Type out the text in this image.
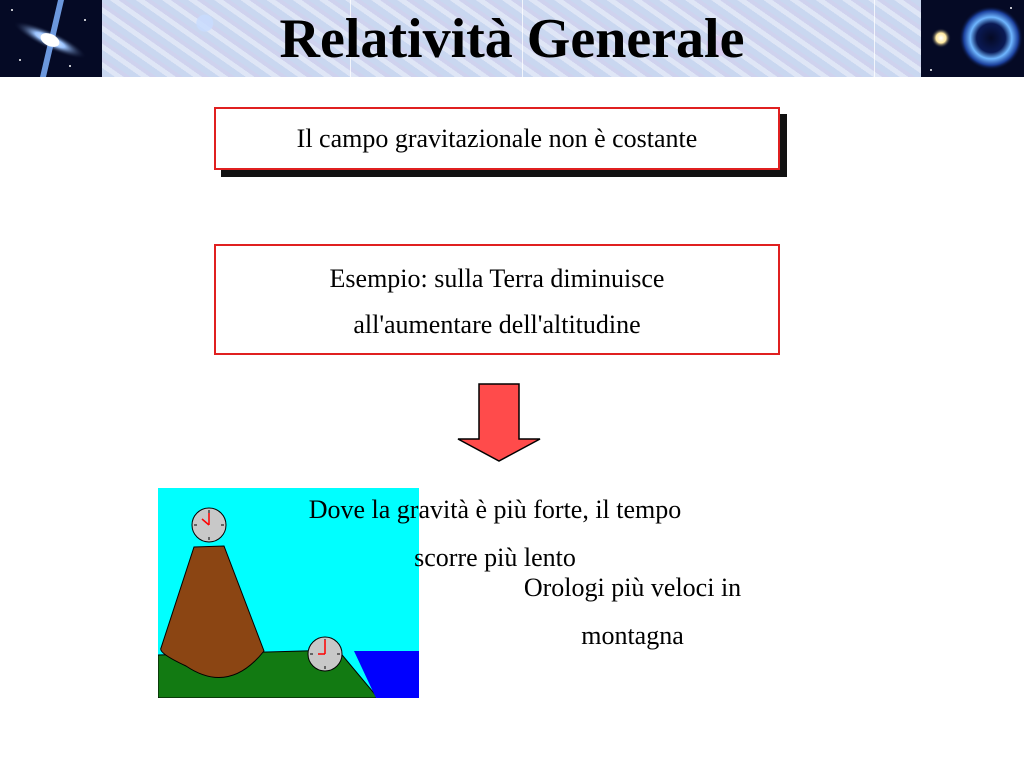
Relatività Generale
Il campo gravitazionale non è costante
Esempio: sulla Terra diminuisce
all'aumentare dell'altitudine
Dove la gravità è più forte, il tempo
scorre più lento
Orologi più veloci in
montagna
